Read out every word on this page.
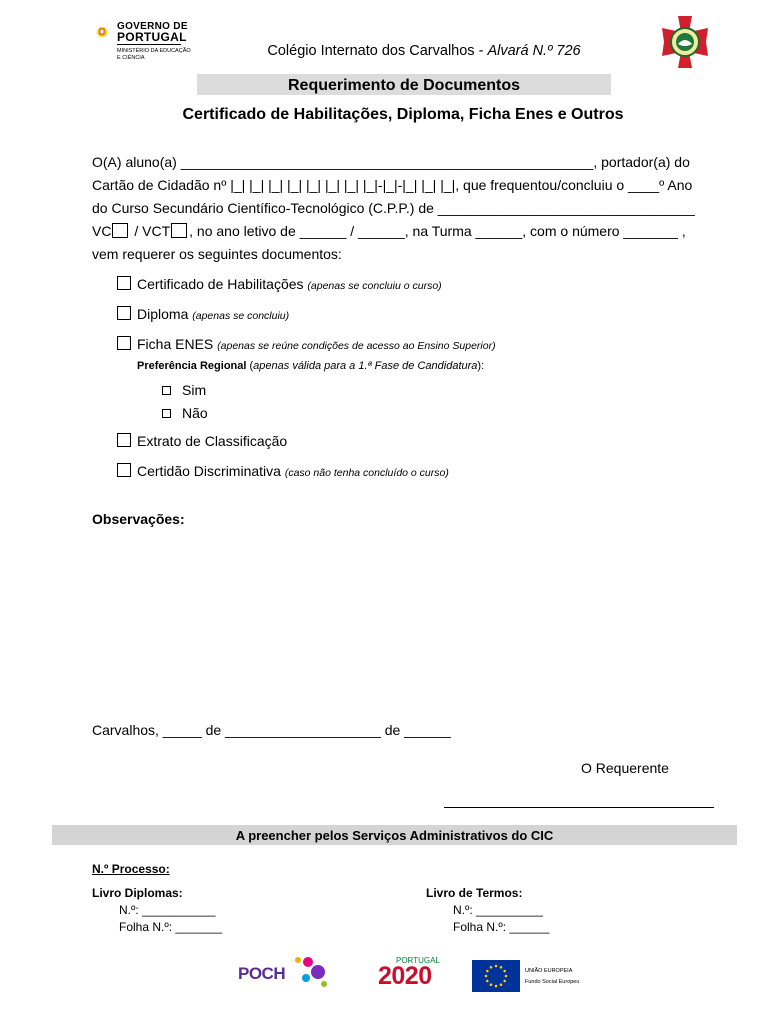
GOVERNO DE
PORTUGAL
MINISTÉRIO DA EDUCAÇÃO
E CIÊNCIA	Colégio Internato dos Carvalhos - Alvará N.º 726
Requerimento de Documentos
Certificado de Habilitações, Diploma, Ficha Enes e Outros
O(A) aluno(a) _____________________________________________________, portador(a) do
Cartão de Cidadão nº |_| |_| |_| |_| |_| |_| |_| |_|-|_|-|_| |_| |_|, que frequentou/concluiu o ____º Ano
do Curso Secundário Científico-Tecnológico (C.P.P.) de _________________________________
VC / VCT , no ano letivo de ______ / ______, na Turma ______, com o número _______ ,
vem requerer os seguintes documentos:
Certificado de Habilitações (apenas se concluiu o curso)
Diploma (apenas se concluiu)
Ficha ENES (apenas se reúne condições de acesso ao Ensino Superior)
Preferência Regional (apenas válida para a 1.ª Fase de Candidatura):
Sim
Não
Extrato de Classificação
Certidão Discriminativa (caso não tenha concluído o curso)
Observações:
Carvalhos, _____ de ____________________ de ______
O Requerente
A preencher pelos Serviços Administrativos do CIC
N.º Processo:
Livro Diplomas:
N.º: ___________
Folha N.º: _______
Livro de Termos:
N.º: __________
Folha N.º: ______
POCH
PORTUGAL
2020	UNIÃO EUROPEIA
Fundo Social Europeu
